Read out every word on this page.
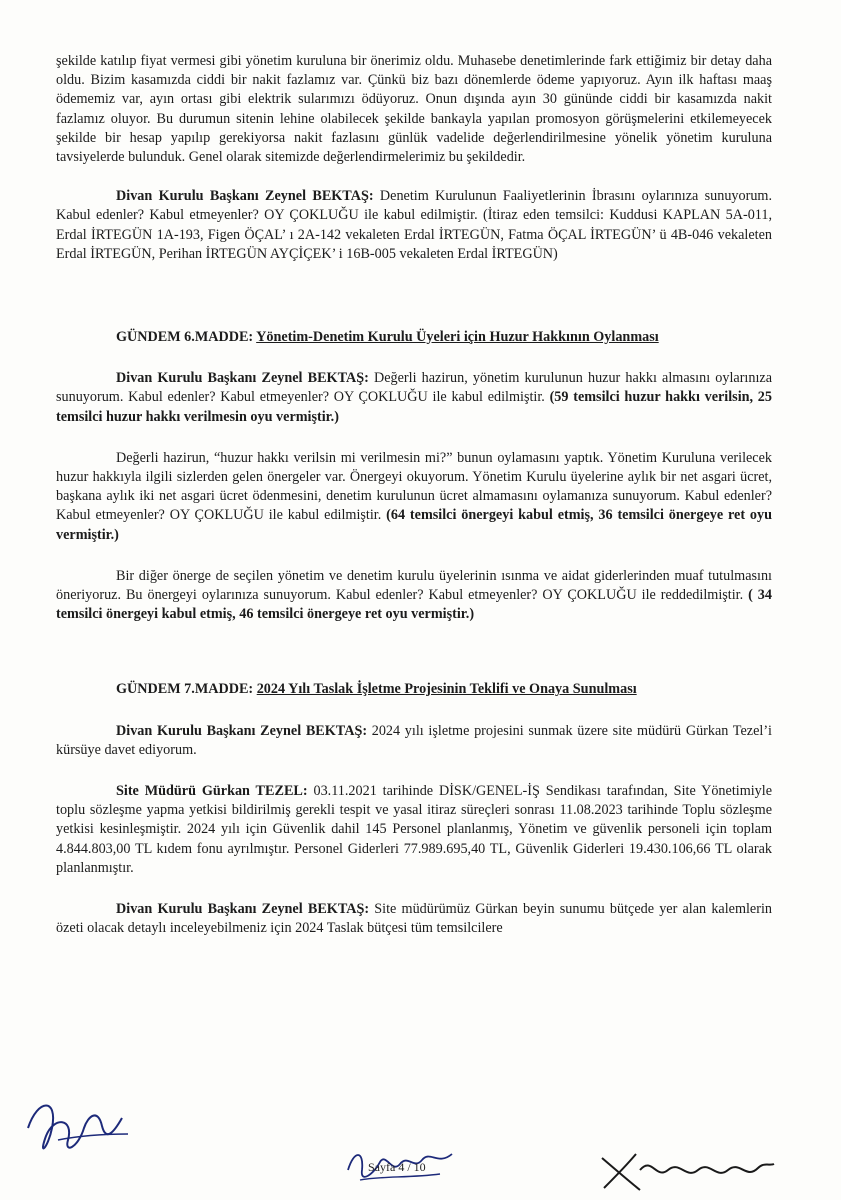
şekilde katılıp fiyat vermesi gibi yönetim kuruluna bir önerimiz oldu. Muhasebe denetimlerinde fark ettiğimiz bir detay daha oldu. Bizim kasamızda ciddi bir nakit fazlamız var. Çünkü biz bazı dönemlerde ödeme yapıyoruz. Ayın ilk haftası maaş ödememiz var, ayın ortası gibi elektrik sularımızı ödüyoruz. Onun dışında ayın 30 gününde ciddi bir kasamızda nakit fazlamız oluyor. Bu durumun sitenin lehine olabilecek şekilde bankayla yapılan promosyon görüşmelerini etkilemeyecek şekilde bir hesap yapılıp gerekiyorsa nakit fazlasını günlük vadelide değerlendirilmesine yönelik yönetim kuruluna tavsiyelerde bulunduk. Genel olarak sitemizde değerlendirmelerimiz bu şekildedir.

Divan Kurulu Başkanı Zeynel BEKTAŞ: Denetim Kurulunun Faaliyetlerinin İbrasını oylarınıza sunuyorum. Kabul edenler? Kabul etmeyenler? OY ÇOKLUĞU ile kabul edilmiştir. (İtiraz eden temsilci: Kuddusi KAPLAN 5A-011, Erdal İRTEGÜN 1A-193, Figen ÖÇAL’ ı 2A-142 vekaleten Erdal İRTEGÜN, Fatma ÖÇAL İRTEGÜN’ ü 4B-046 vekaleten Erdal İRTEGÜN, Perihan İRTEGÜN AYÇİÇEK’ i 16B-005 vekaleten Erdal İRTEGÜN)

GÜNDEM 6.MADDE: Yönetim-Denetim Kurulu Üyeleri için Huzur Hakkının Oylanması

Divan Kurulu Başkanı Zeynel BEKTAŞ: Değerli hazirun, yönetim kurulunun huzur hakkı almasını oylarınıza sunuyorum. Kabul edenler? Kabul etmeyenler? OY ÇOKLUĞU ile kabul edilmiştir. (59 temsilci huzur hakkı verilsin, 25 temsilci huzur hakkı verilmesin oyu vermiştir.)

Değerli hazirun, “huzur hakkı verilsin mi verilmesin mi?” bunun oylamasını yaptık. Yönetim Kuruluna verilecek huzur hakkıyla ilgili sizlerden gelen önergeler var. Önergeyi okuyorum. Yönetim Kurulu üyelerine aylık bir net asgari ücret, başkana aylık iki net asgari ücret ödenmesini, denetim kurulunun ücret almamasını oylamanıza sunuyorum. Kabul edenler? Kabul etmeyenler? OY ÇOKLUĞU ile kabul edilmiştir. (64 temsilci önergeyi kabul etmiş, 36 temsilci önergeye ret oyu vermiştir.)

Bir diğer önerge de seçilen yönetim ve denetim kurulu üyelerinin ısınma ve aidat giderlerinden muaf tutulmasını öneriyoruz. Bu önergeyi oylarınıza sunuyorum. Kabul edenler? Kabul etmeyenler? OY ÇOKLUĞU ile reddedilmiştir. ( 34 temsilci önergeyi kabul etmiş, 46 temsilci önergeye ret oyu vermiştir.)

GÜNDEM 7.MADDE: 2024 Yılı Taslak İşletme Projesinin Teklifi ve Onaya Sunulması

Divan Kurulu Başkanı Zeynel BEKTAŞ: 2024 yılı işletme projesini sunmak üzere site müdürü Gürkan Tezel’i kürsüye davet ediyorum.

Site Müdürü Gürkan TEZEL: 03.11.2021 tarihinde DİSK/GENEL-İŞ Sendikası tarafından, Site Yönetimiyle toplu sözleşme yapma yetkisi bildirilmiş gerekli tespit ve yasal itiraz süreçleri sonrası 11.08.2023 tarihinde Toplu sözleşme yetkisi kesinleşmiştir. 2024 yılı için Güvenlik dahil 145 Personel planlanmış, Yönetim ve güvenlik personeli için toplam 4.844.803,00 TL kıdem fonu ayrılmıştır. Personel Giderleri 77.989.695,40 TL, Güvenlik Giderleri 19.430.106,66 TL olarak planlanmıştır.

Divan Kurulu Başkanı Zeynel BEKTAŞ: Site müdürümüz Gürkan beyin sunumu bütçede yer alan kalemlerin özeti olacak detaylı inceleyebilmeniz için 2024 Taslak bütçesi tüm temsilcilere

Sayfa 4 / 10
